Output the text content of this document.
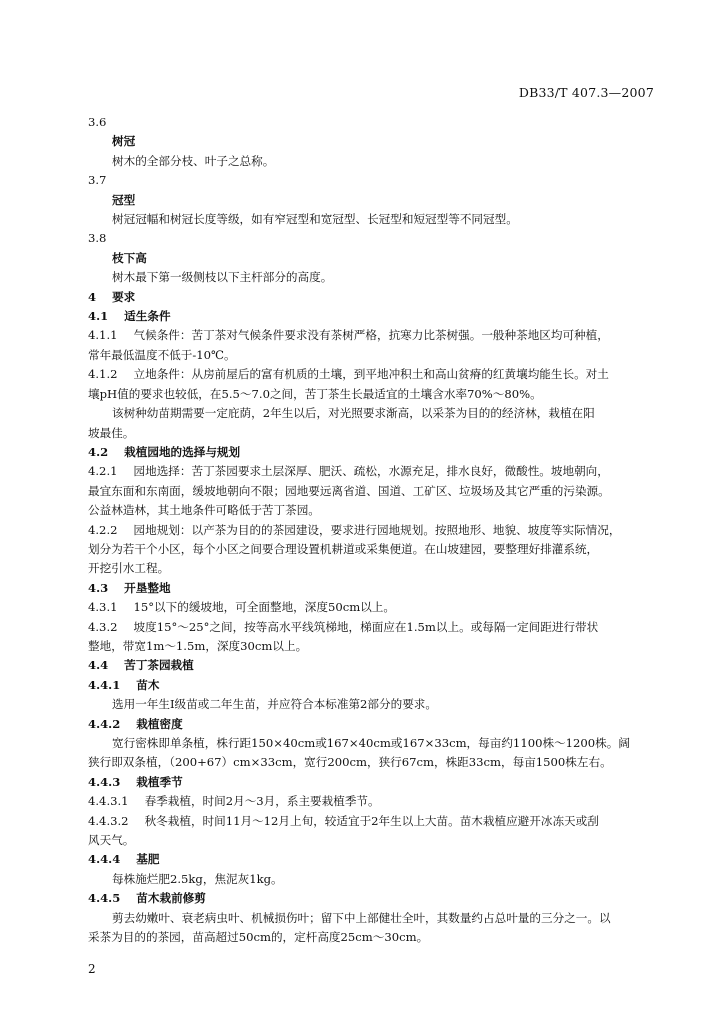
DB33/T 407.3—2007
3.6
树冠
树木的全部分枝、叶子之总称。
3.7
冠型
树冠冠幅和树冠长度等级，如有窄冠型和宽冠型、长冠型和短冠型等不同冠型。
3.8
枝下高
树木最下第一级侧枝以下主杆部分的高度。
4 要求
4.1 适生条件
4.1.1 气候条件：苦丁茶对气候条件要求没有茶树严格，抗寒力比茶树强。一般种茶地区均可种植，
常年最低温度不低于-10℃。
4.1.2 立地条件：从房前屋后的富有机质的土壤，到平地冲积土和高山贫瘠的红黄壤均能生长。对土
壤pH值的要求也较低，在5.5～7.0之间，苦丁茶生长最适宜的土壤含水率70%～80%。
该树种幼苗期需要一定庇荫，2年生以后，对光照要求渐高，以采茶为目的的经济林，栽植在阳
坡最佳。
4.2 栽植园地的选择与规划
4.2.1 园地选择：苦丁茶园要求土层深厚、肥沃、疏松，水源充足，排水良好，微酸性。坡地朝向，
最宜东面和东南面，缓坡地朝向不限；园地要远离省道、国道、工矿区、垃圾场及其它严重的污染源。
公益林造林，其土地条件可略低于苦丁茶园。
4.2.2 园地规划：以产茶为目的的茶园建设，要求进行园地规划。按照地形、地貌、坡度等实际情况，
划分为若干个小区，每个小区之间要合理设置机耕道或采集便道。在山坡建园，要整理好排灌系统，
开挖引水工程。
4.3 开垦整地
4.3.1 15°以下的缓坡地，可全面整地，深度50cm以上。
4.3.2 坡度15°～25°之间，按等高水平线筑梯地，梯面应在1.5m以上。或每隔一定间距进行带状
整地，带宽1m～1.5m，深度30cm以上。
4.4 苦丁茶园栽植
4.4.1 苗木
选用一年生I级苗或二年生苗，并应符合本标准第2部分的要求。
4.4.2 栽植密度
宽行密株即单条植，株行距150×40cm或167×40cm或167×33cm，每亩约1100株～1200株。阔
狭行即双条植，（200+67）cm×33cm，宽行200cm，狭行67cm，株距33cm，每亩1500株左右。
4.4.3 栽植季节
4.4.3.1 春季栽植，时间2月～3月，系主要栽植季节。
4.4.3.2 秋冬栽植，时间11月～12月上旬，较适宜于2年生以上大苗。苗木栽植应避开冰冻天或刮
风天气。
4.4.4 基肥
每株施烂肥2.5kg，焦泥灰1kg。
4.4.5 苗木栽前修剪
剪去幼嫩叶、衰老病虫叶、机械损伤叶；留下中上部健壮全叶，其数量约占总叶量的三分之一。以
采茶为目的的茶园，苗高超过50cm的，定杆高度25cm～30cm。
2
